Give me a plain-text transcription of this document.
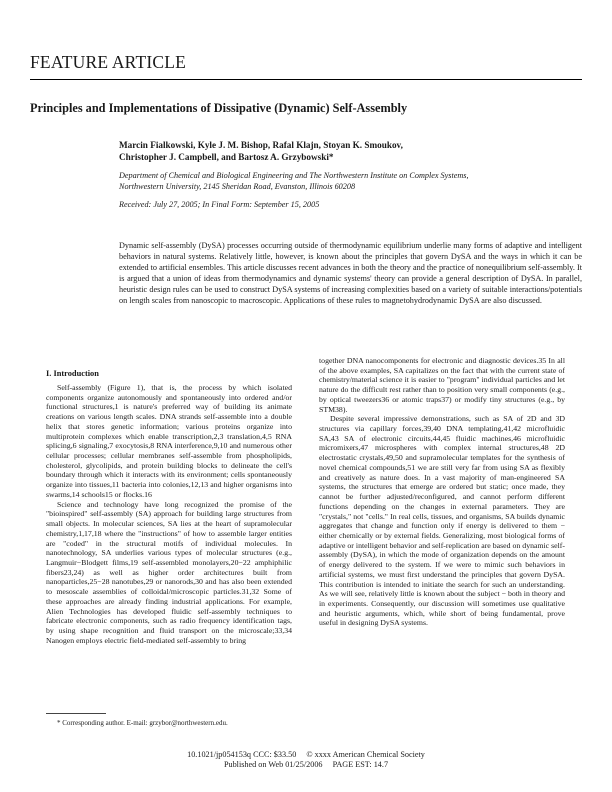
FEATURE ARTICLE
Principles and Implementations of Dissipative (Dynamic) Self-Assembly
Marcin Fialkowski, Kyle J. M. Bishop, Rafal Klajn, Stoyan K. Smoukov,
Christopher J. Campbell, and Bartosz A. Grzybowski*
Department of Chemical and Biological Engineering and The Northwestern Institute on Complex Systems,
Northwestern University, 2145 Sheridan Road, Evanston, Illinois 60208
Received: July 27, 2005; In Final Form: September 15, 2005

Dynamic self-assembly (DySA) processes occurring outside of thermodynamic equilibrium underlie many forms of adaptive and intelligent behaviors in natural systems. Relatively little, however, is known about the principles that govern DySA and the ways in which it can be extended to artificial ensembles. This article discusses recent advances in both the theory and the practice of nonequilibrium self-assembly. It is argued that a union of ideas from thermodynamics and dynamic systems' theory can provide a general description of DySA. In parallel, heuristic design rules can be used to construct DySA systems of increasing complexities based on a variety of suitable interactions/potentials on length scales from nanoscopic to macroscopic. Applications of these rules to magnetohydrodynamic DySA are also discussed.

I. Introduction

Self-assembly (Figure 1), that is, the process by which isolated components organize autonomously and spontaneously into ordered and/or functional structures,1 is nature's preferred way of building its animate creations on various length scales. DNA strands self-assemble into a double helix that stores genetic information; various proteins organize into multiprotein complexes which enable transcription,2,3 translation,4,5 RNA splicing,6 signaling,7 exocytosis,8 RNA interference,9,10 and numerous other cellular processes; cellular membranes self-assemble from phospholipids, cholesterol, glycolipids, and protein building blocks to delineate the cell's boundary through which it interacts with its environment; cells spontaneously organize into tissues,11 bacteria into colonies,12,13 and higher organisms into swarms,14 schools15 or flocks.16

Science and technology have long recognized the promise of the "bioinspired" self-assembly (SA) approach for building large structures from small objects. In molecular sciences, SA lies at the heart of supramolecular chemistry,1,17,18 where the "instructions" of how to assemble larger entities are "coded" in the structural motifs of individual molecules. In nanotechnology, SA underlies various types of molecular structures (e.g., Langmuir−Blodgett films,19 self-assembled monolayers,20−22 amphiphilic fibers23,24) as well as higher order architectures built from nanoparticles,25−28 nanotubes,29 or nanorods,30 and has also been extended to mesoscale assemblies of colloidal/microscopic particles.31,32 Some of these approaches are already finding industrial applications. For example, Alien Technologies has developed fluidic self-assembly techniques to fabricate electronic components, such as radio frequency identification tags, by using shape recognition and fluid transport on the microscale;33,34 Nanogen employs electric field-mediated self-assembly to bring

together DNA nanocomponents for electronic and diagnostic devices.35 In all of the above examples, SA capitalizes on the fact that with the current state of chemistry/material science it is easier to "program" individual particles and let nature do the difficult rest rather than to position very small components (e.g., by optical tweezers36 or atomic traps37) or modify tiny structures (e.g., by STM38).

Despite several impressive demonstrations, such as SA of 2D and 3D structures via capillary forces,39,40 DNA templating,41,42 microfluidic SA,43 SA of electronic circuits,44,45 fluidic machines,46 microfluidic micromixers,47 microspheres with complex internal structures,48 2D electrostatic crystals,49,50 and supramolecular templates for the synthesis of novel chemical compounds,51 we are still very far from using SA as flexibly and creatively as nature does. In a vast majority of man-engineered SA systems, the structures that emerge are ordered but static; once made, they cannot be further adjusted/reconfigured, and cannot perform different functions depending on the changes in external parameters. They are "crystals," not "cells." In real cells, tissues, and organisms, SA builds dynamic aggregates that change and function only if energy is delivered to them − either chemically or by external fields. Generalizing, most biological forms of adaptive or intelligent behavior and self-replication are based on dynamic self-assembly (DySA), in which the mode of organization depends on the amount of energy delivered to the system. If we were to mimic such behaviors in artificial systems, we must first understand the principles that govern DySA. This contribution is intended to initiate the search for such an understanding. As we will see, relatively little is known about the subject − both in theory and in experiments. Consequently, our discussion will sometimes use qualitative and heuristic arguments, which, while short of being fundamental, prove useful in designing DySA systems.

* Corresponding author. E-mail: grzybor@northwestern.edu.
10.1021/jp054153q CCC: $33.50 © xxxx American Chemical Society
Published on Web 01/25/2006 PAGE EST: 14.7
